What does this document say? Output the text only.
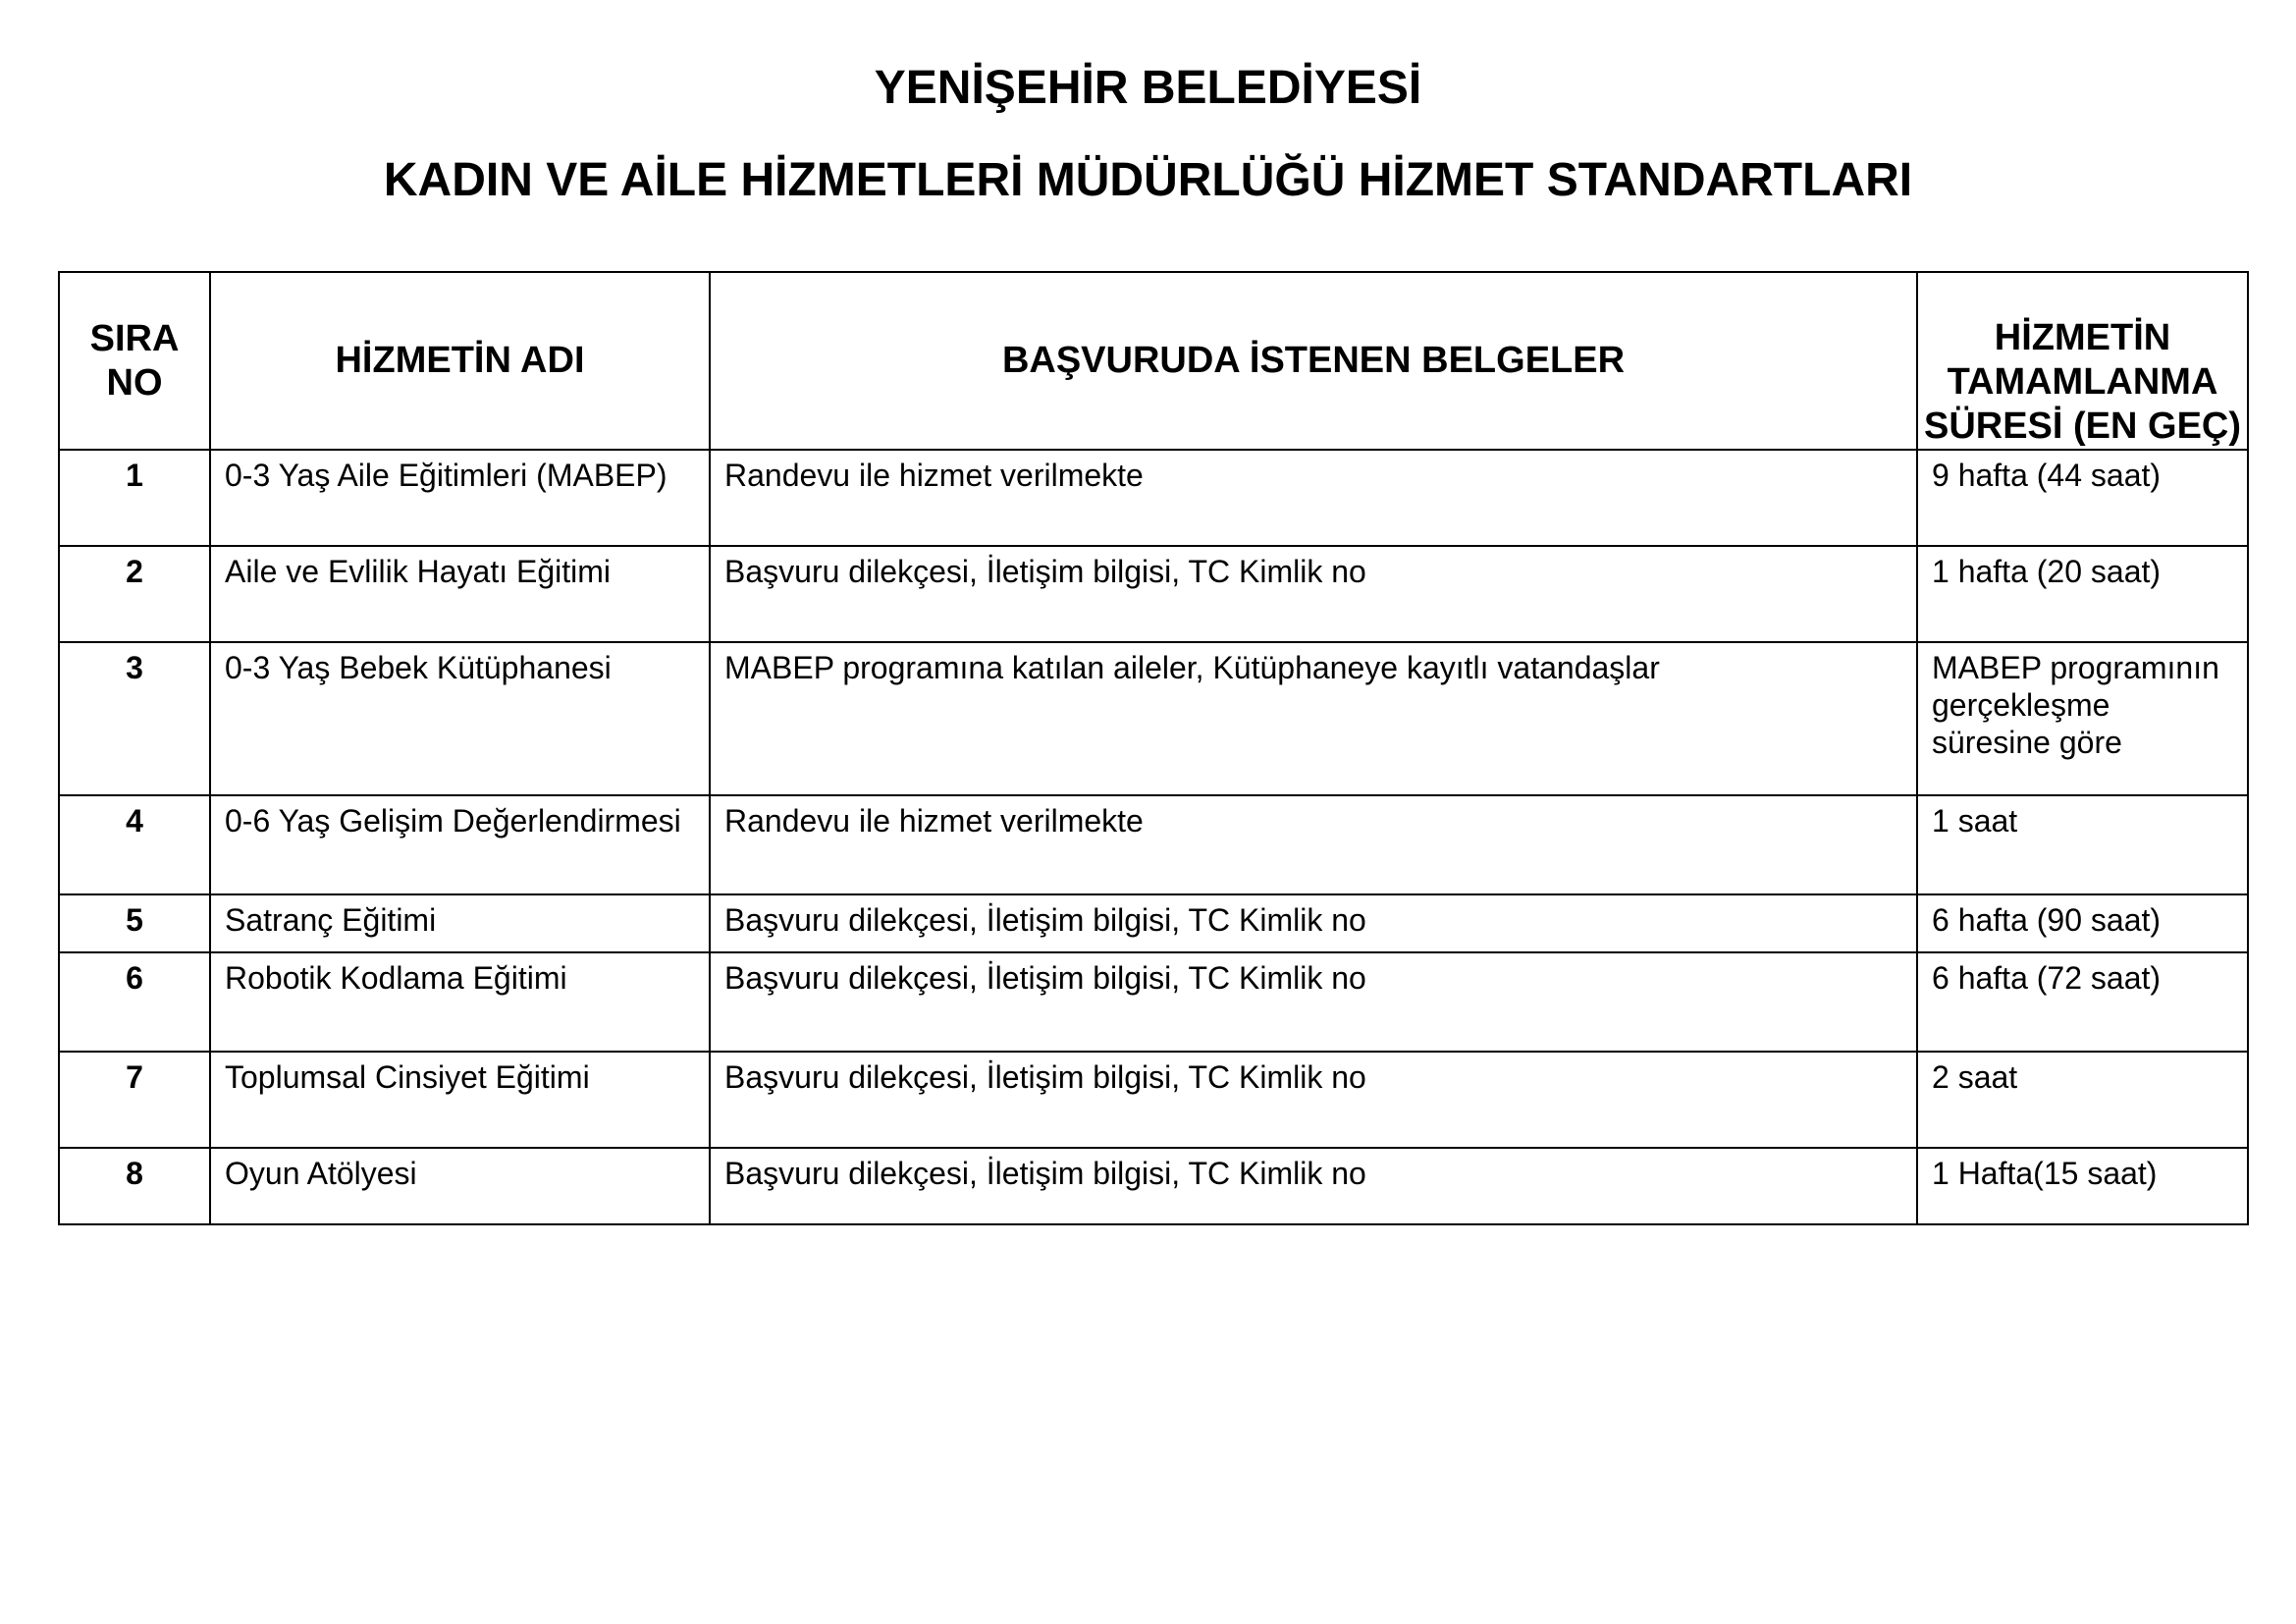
YENİŞEHİR BELEDİYESİ
KADIN VE AİLE HİZMETLERİ MÜDÜRLÜĞÜ HİZMET STANDARTLARI
SIRA NO	HİZMETİN ADI	BAŞVURUDA İSTENEN BELGELER	HİZMETİN TAMAMLANMA SÜRESİ (EN GEÇ)
1	0-3 Yaş Aile Eğitimleri (MABEP)	Randevu ile hizmet verilmekte	9 hafta (44 saat)
2	Aile ve Evlilik Hayatı Eğitimi	Başvuru dilekçesi, İletişim bilgisi, TC Kimlik no	1 hafta (20 saat)
3	0-3 Yaş Bebek Kütüphanesi	MABEP programına katılan aileler, Kütüphaneye kayıtlı vatandaşlar	MABEP programının gerçekleşme süresine göre
4	0-6 Yaş Gelişim Değerlendirmesi	Randevu ile hizmet verilmekte	1 saat
5	Satranç Eğitimi	Başvuru dilekçesi, İletişim bilgisi, TC Kimlik no	6 hafta (90 saat)
6	Robotik Kodlama Eğitimi	Başvuru dilekçesi, İletişim bilgisi, TC Kimlik no	6 hafta (72 saat)
7	Toplumsal Cinsiyet Eğitimi	Başvuru dilekçesi, İletişim bilgisi, TC Kimlik no	2 saat
8	Oyun Atölyesi	Başvuru dilekçesi, İletişim bilgisi, TC Kimlik no	1 Hafta(15 saat)
